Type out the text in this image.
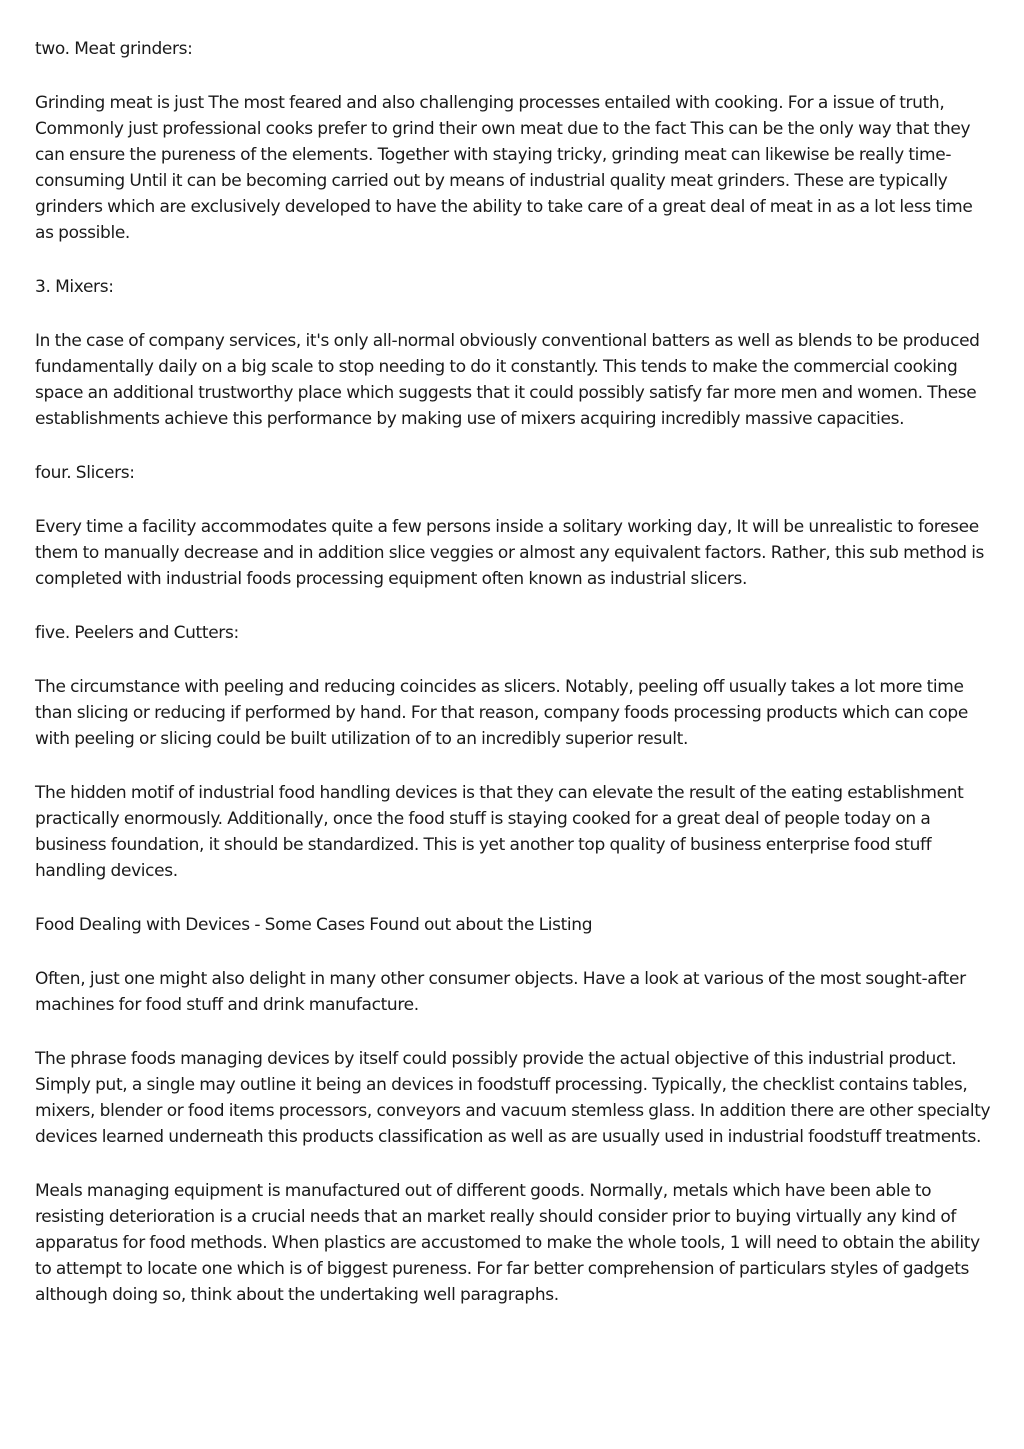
two. Meat grinders:

Grinding meat is just The most feared and also challenging processes entailed with cooking. For a issue of truth, Commonly just professional cooks prefer to grind their own meat due to the fact This can be the only way that they can ensure the pureness of the elements. Together with staying tricky, grinding meat can likewise be really time-consuming Until it can be becoming carried out by means of industrial quality meat grinders. These are typically grinders which are exclusively developed to have the ability to take care of a great deal of meat in as a lot less time as possible.

3. Mixers:

In the case of company services, it's only all-normal obviously conventional batters as well as blends to be produced fundamentally daily on a big scale to stop needing to do it constantly. This tends to make the commercial cooking space an additional trustworthy place which suggests that it could possibly satisfy far more men and women. These establishments achieve this performance by making use of mixers acquiring incredibly massive capacities.

four. Slicers:

Every time a facility accommodates quite a few persons inside a solitary working day, It will be unrealistic to foresee them to manually decrease and in addition slice veggies or almost any equivalent factors. Rather, this sub method is completed with industrial foods processing equipment often known as industrial slicers.

five. Peelers and Cutters:

The circumstance with peeling and reducing coincides as slicers. Notably, peeling off usually takes a lot more time than slicing or reducing if performed by hand. For that reason, company foods processing products which can cope with peeling or slicing could be built utilization of to an incredibly superior result.

The hidden motif of industrial food handling devices is that they can elevate the result of the eating establishment practically enormously. Additionally, once the food stuff is staying cooked for a great deal of people today on a business foundation, it should be standardized. This is yet another top quality of business enterprise food stuff handling devices.

Food Dealing with Devices - Some Cases Found out about the Listing

Often, just one might also delight in many other consumer objects. Have a look at various of the most sought-after machines for food stuff and drink manufacture.

The phrase foods managing devices by itself could possibly provide the actual objective of this industrial product. Simply put, a single may outline it being an devices in foodstuff processing. Typically, the checklist contains tables, mixers, blender or food items processors, conveyors and vacuum stemless glass. In addition there are other specialty devices learned underneath this products classification as well as are usually used in industrial foodstuff treatments.

Meals managing equipment is manufactured out of different goods. Normally, metals which have been able to resisting deterioration is a crucial needs that an market really should consider prior to buying virtually any kind of apparatus for food methods. When plastics are accustomed to make the whole tools, 1 will need to obtain the ability to attempt to locate one which is of biggest pureness. For far better comprehension of particulars styles of gadgets although doing so, think about the undertaking well paragraphs.
